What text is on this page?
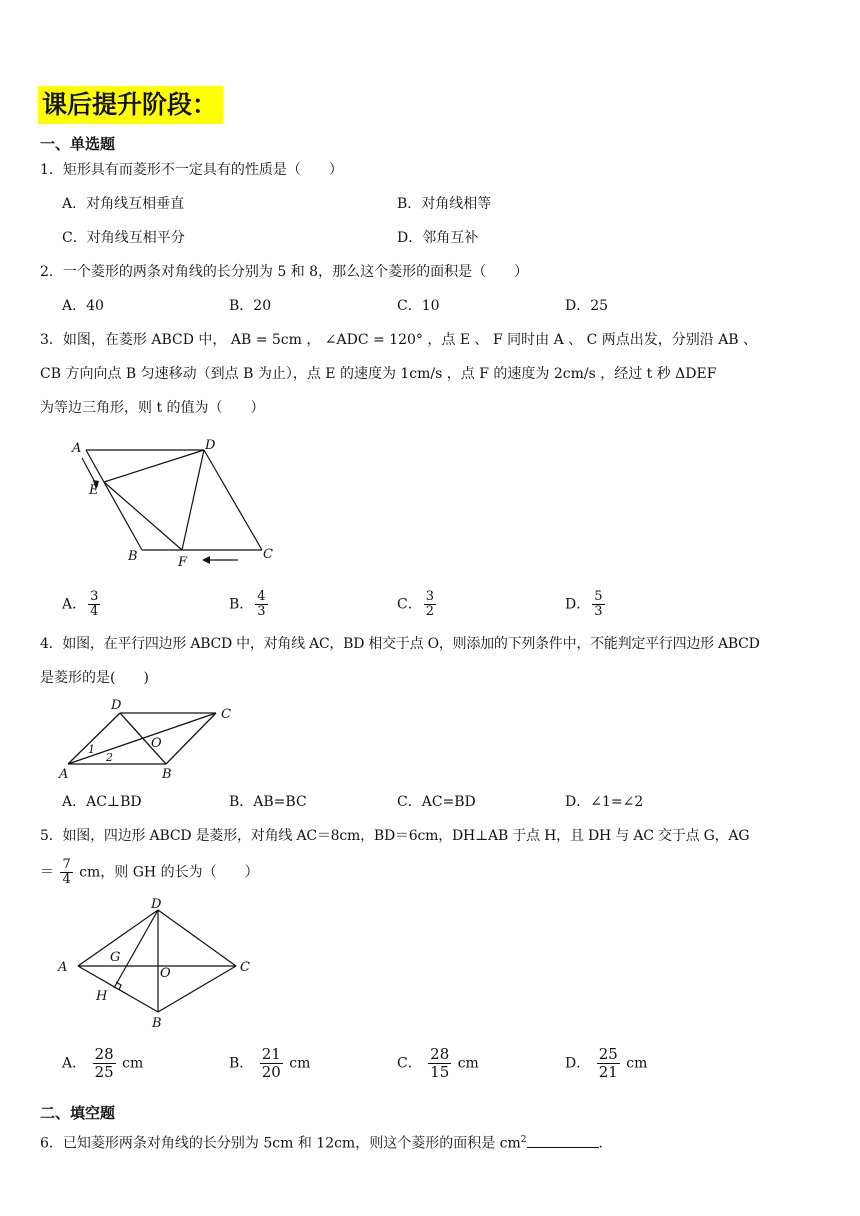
课后提升阶段：
一、单选题
1．矩形具有而菱形不一定具有的性质是（　　）
A．对角线互相垂直	B．对角线相等
C．对角线互相平分	D．邻角互补
2．一个菱形的两条对角线的长分别为 5 和 8，那么这个菱形的面积是（　　）
A．40	B．20	C．10	D．25
3．如图，在菱形 ABCD 中， AB = 5cm ， ∠ADC = 120° ，点 E 、 F 同时由 A 、 C 两点出发，分别沿 AB 、
CB 方向向点 B 匀速移动（到点 B 为止），点 E 的速度为 1cm/s ，点 F 的速度为 2cm/s ，经过 t 秒 ΔDEF
为等边三角形，则 t 的值为（　　）
A	D
E
B	F
C
A． $\frac{3}{4}$	B． $\frac{4}{3}$	C． $\frac{3}{2}$	D． $\frac{5}{3}$
4．如图，在平行四边形 ABCD 中，对角线 AC，BD 相交于点 O，则添加的下列条件中，不能判定平行四边形 ABCD
是菱形的是(　　)
D
C
O
1
2
A	B
A．AC⊥BD	B．AB=BC	C．AC=BD	D．∠1=∠2
5．如图，四边形 ABCD 是菱形，对角线 AC＝8cm，BD＝6cm，DH⊥AB 于点 H，且 DH 与 AC 交于点 G，AG
＝ $\frac{7}{4}$ cm，则 GH 的长为（　　）
D
A
G
O	C
H
B
A． $\frac{28}{25}$ cm	B． $\frac{21}{20}$ cm	C． $\frac{28}{15}$ cm	D． $\frac{25}{21}$ cm
二、填空题
6．已知菱形两条对角线的长分别为 5cm 和 12cm，则这个菱形的面积是 $cm^2$	.
